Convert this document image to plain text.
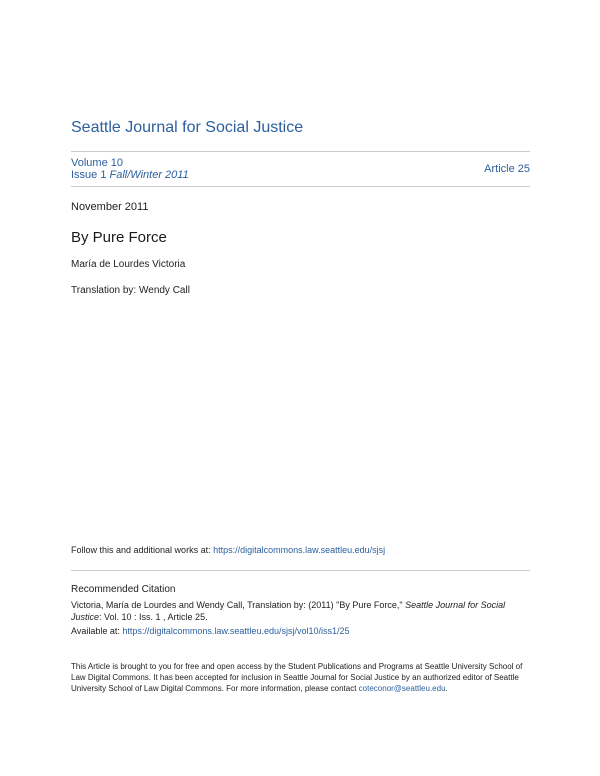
Seattle Journal for Social Justice
Volume 10
Issue 1 Fall/Winter 2011	Article 25
November 2011
By Pure Force
María de Lourdes Victoria
Translation by: Wendy Call
Follow this and additional works at: https://digitalcommons.law.seattleu.edu/sjsj
Recommended Citation
Victoria, María de Lourdes and Wendy Call, Translation by: (2011) "By Pure Force," Seattle Journal for Social Justice: Vol. 10 : Iss. 1 , Article 25.
Available at: https://digitalcommons.law.seattleu.edu/sjsj/vol10/iss1/25
This Article is brought to you for free and open access by the Student Publications and Programs at Seattle University School of Law Digital Commons. It has been accepted for inclusion in Seattle Journal for Social Justice by an authorized editor of Seattle University School of Law Digital Commons. For more information, please contact coteconor@seattleu.edu.
